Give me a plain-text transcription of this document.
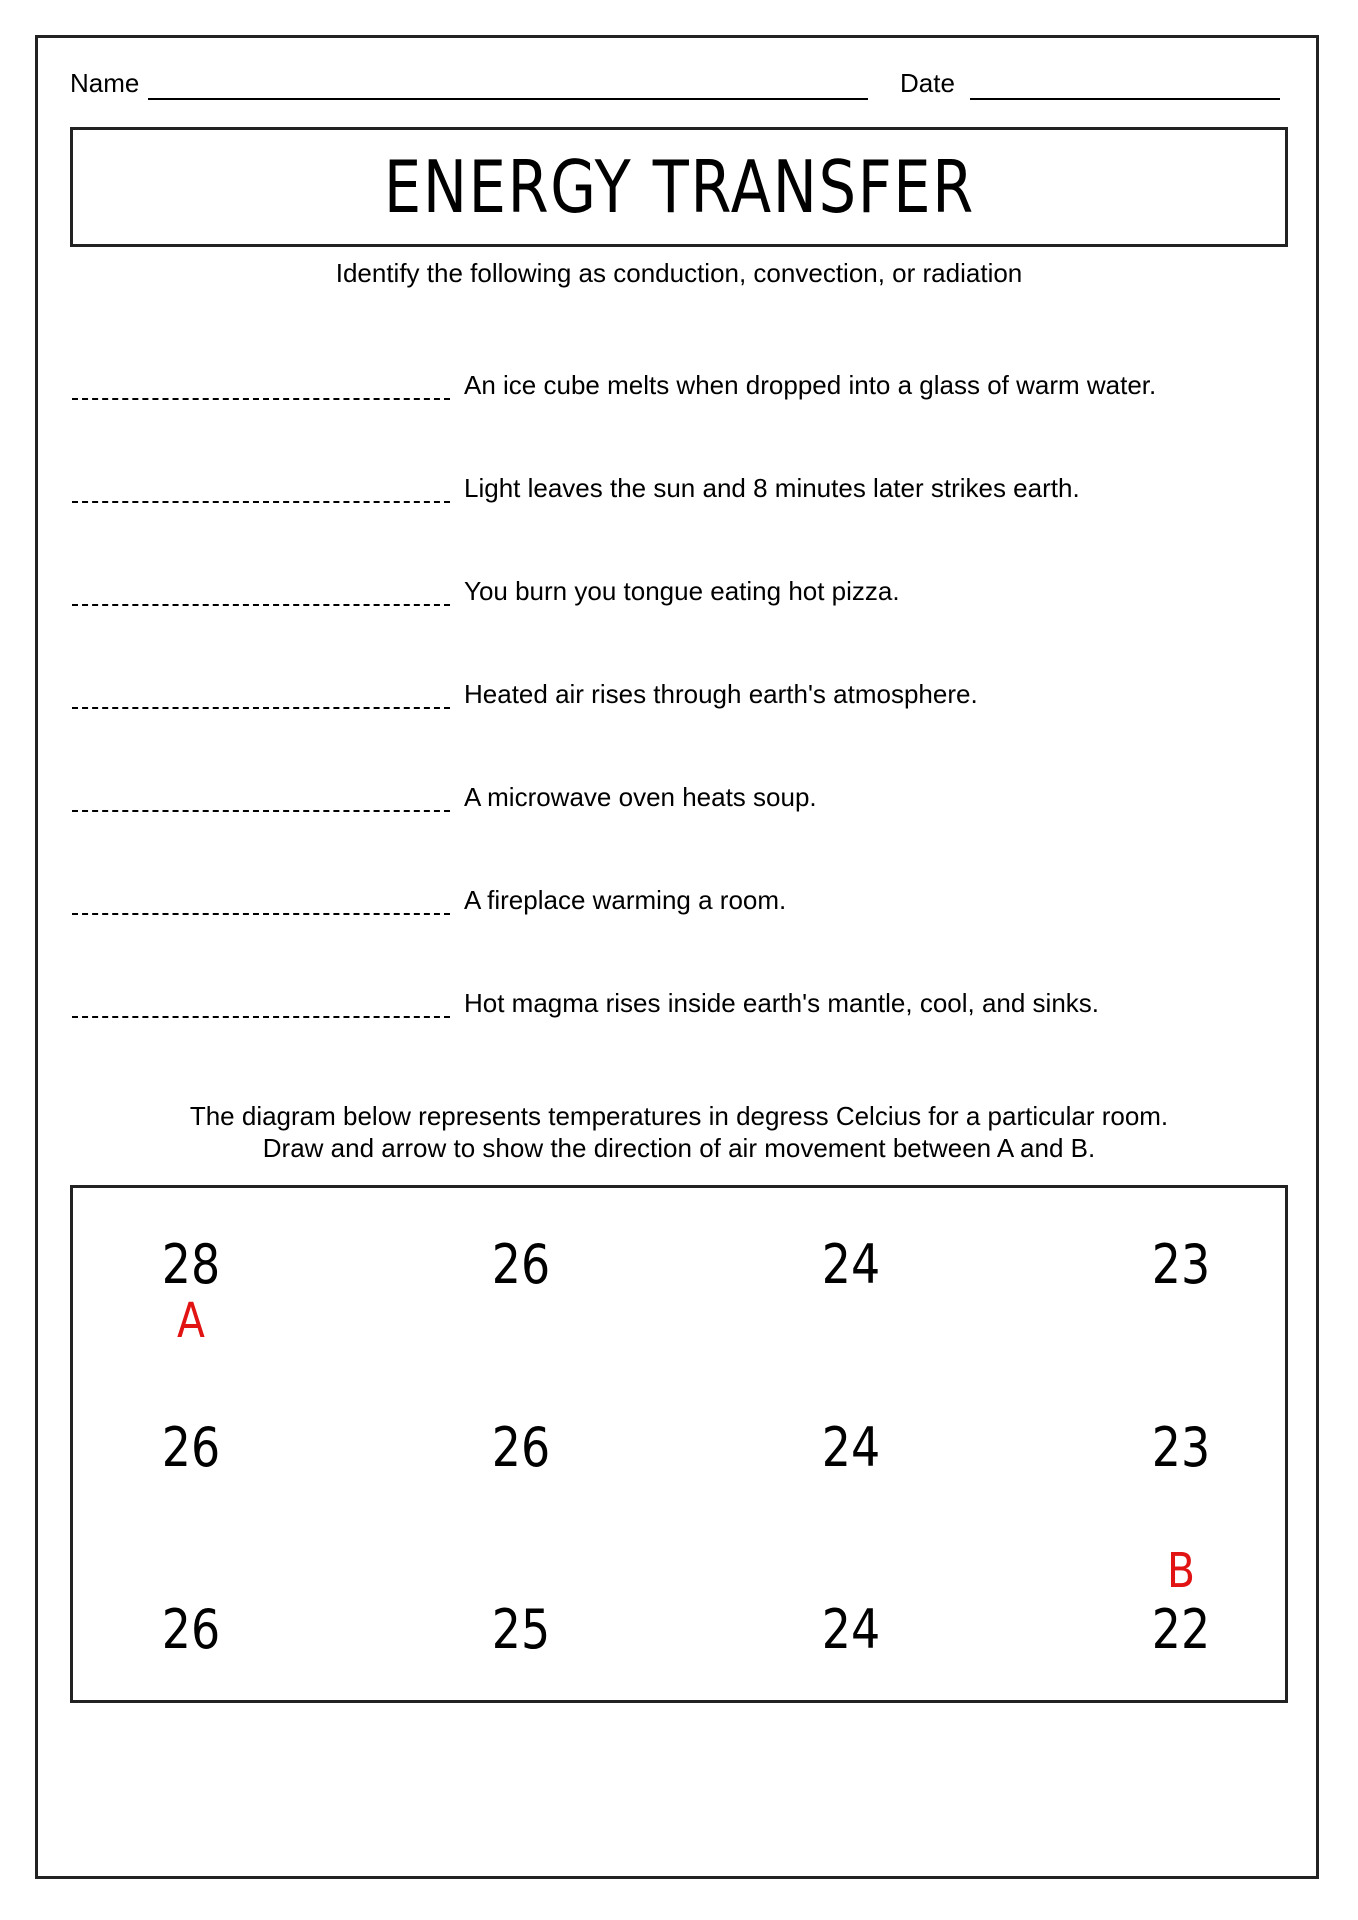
Name	Date
ENERGY TRANSFER
Identify the following as conduction, convection, or radiation
An ice cube melts when dropped into a glass of warm water.
Light leaves the sun and 8 minutes later strikes earth.
You burn you tongue eating hot pizza.
Heated air rises through earth's atmosphere.
A microwave oven heats soup.
A fireplace warming a room.
Hot magma rises inside earth's mantle, cool, and sinks.
The diagram below represents temperatures in degress Celcius for a particular room.
Draw and arrow to show the direction of air movement between A and B.
28	26	24	23
A
26	26	24	23
B
26	25	24	22
